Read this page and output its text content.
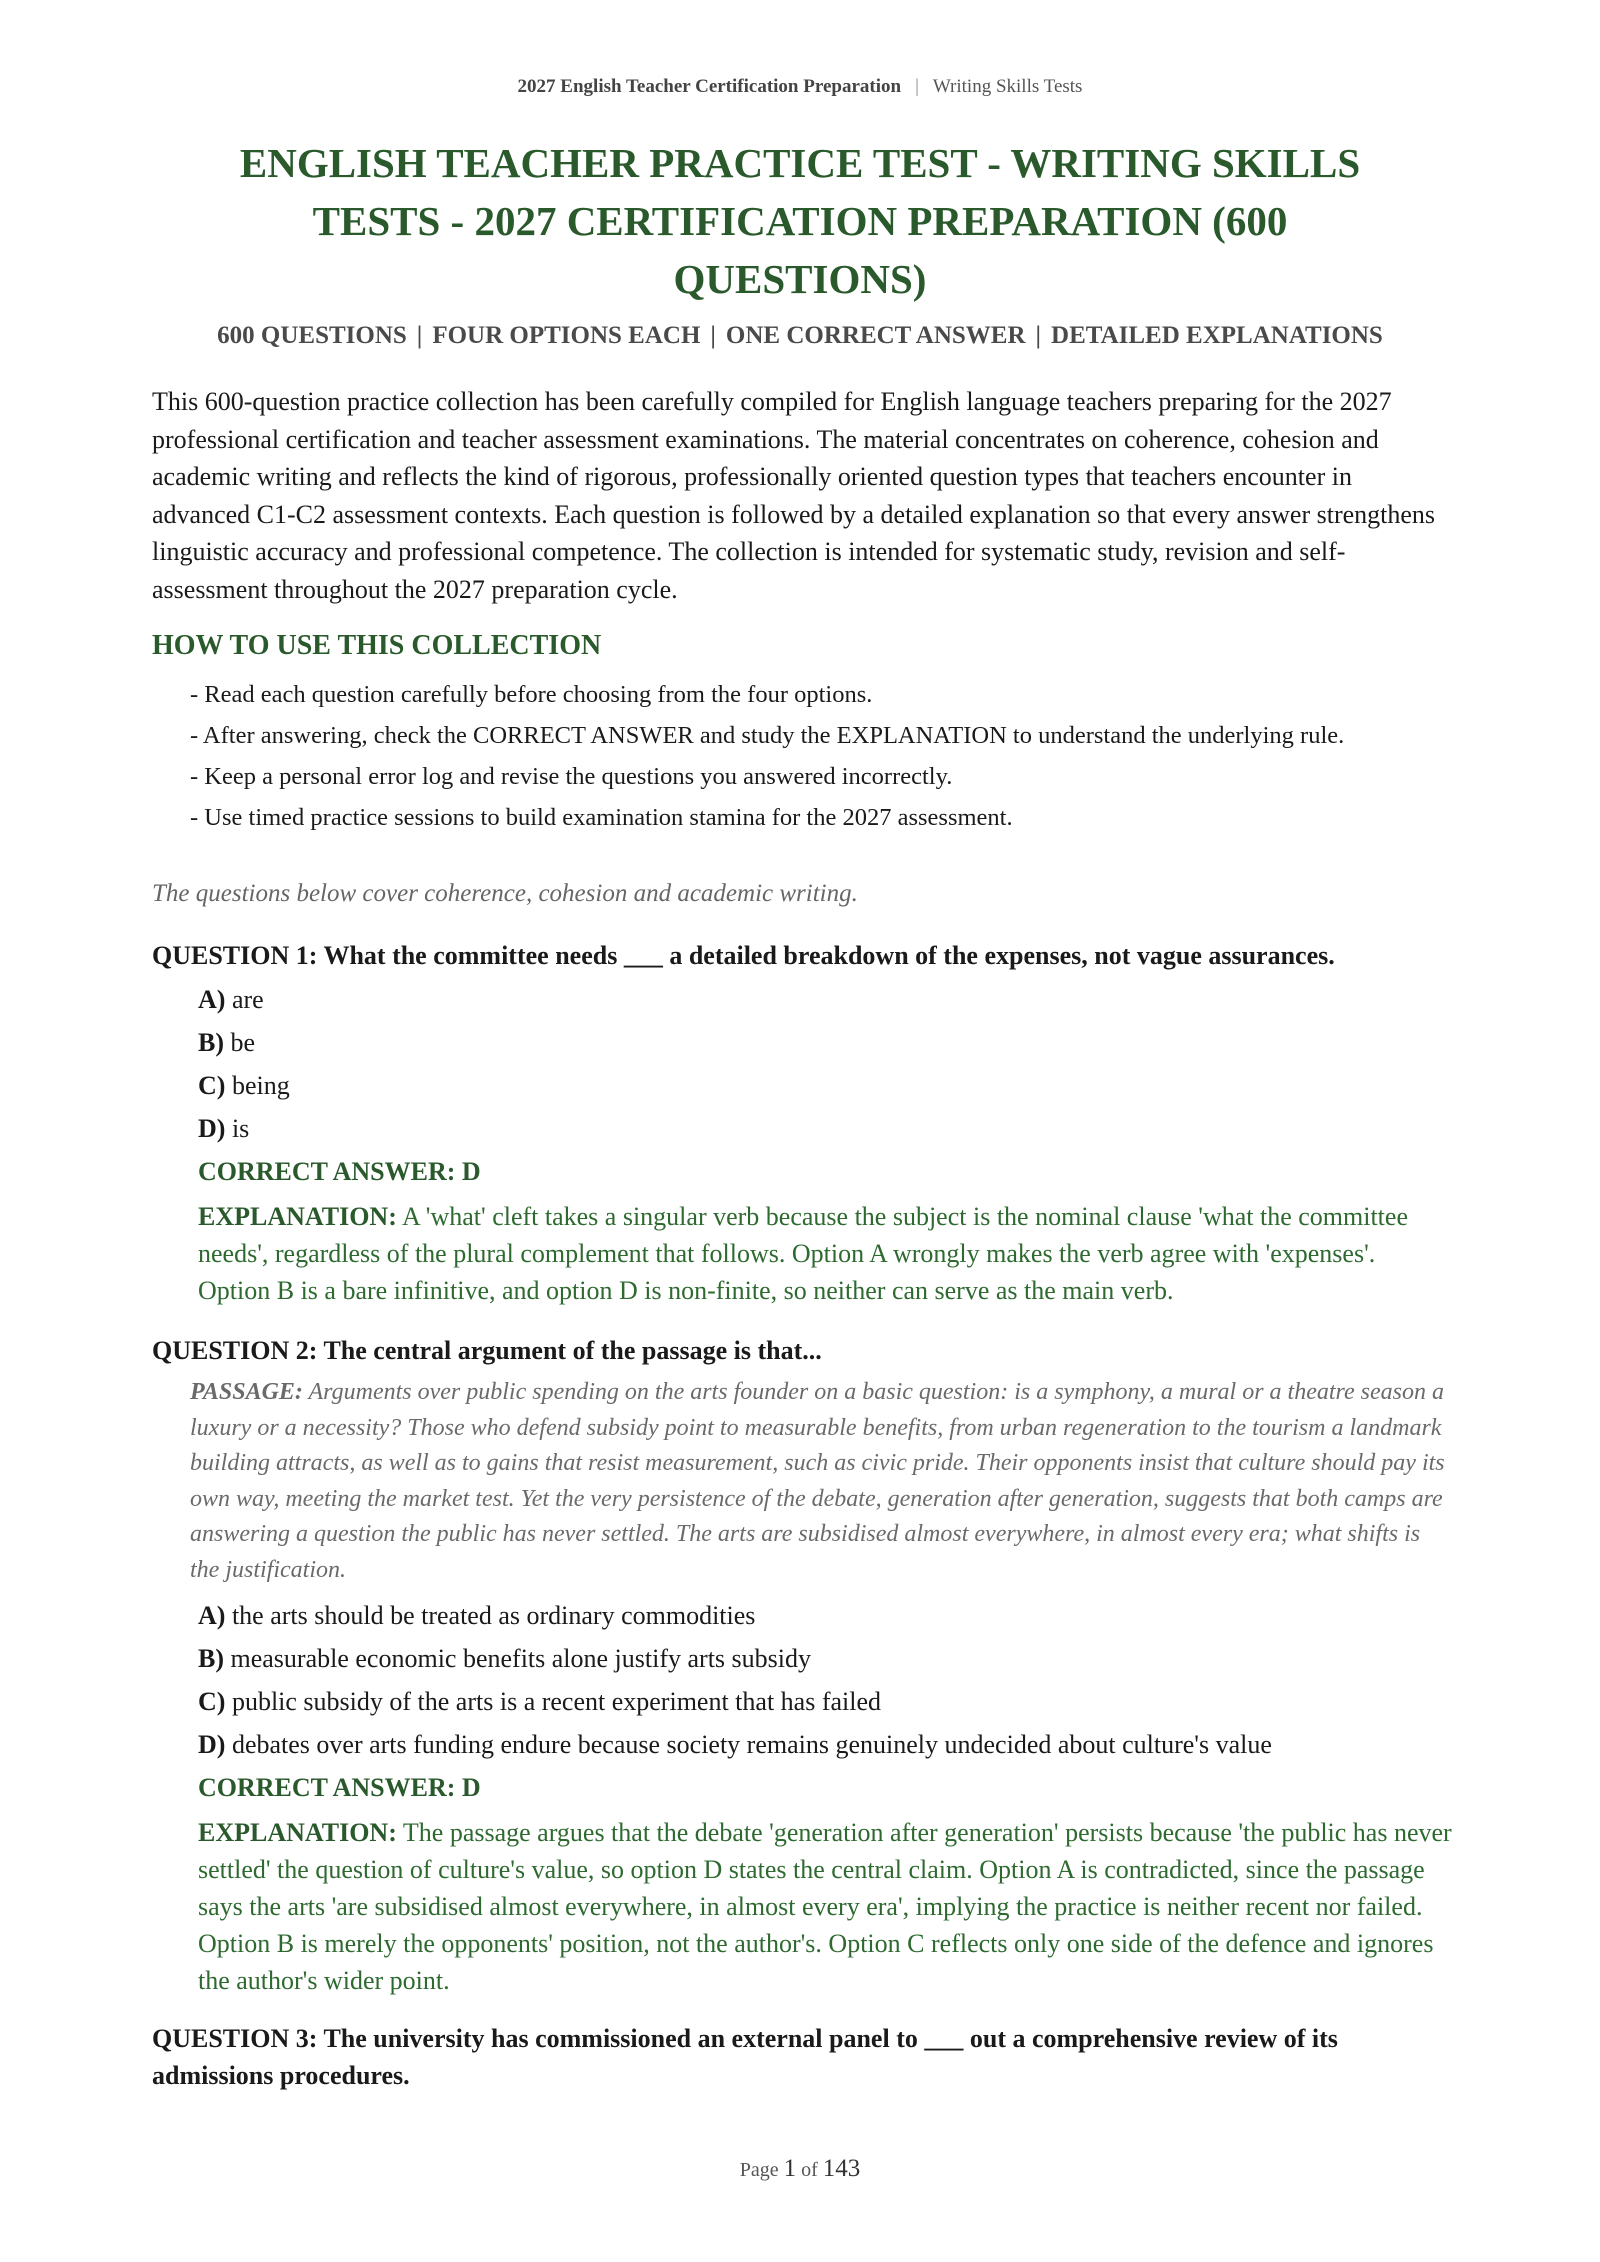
2027 English Teacher Certification Preparation | Writing Skills Tests
ENGLISH TEACHER PRACTICE TEST - WRITING SKILLS TESTS - 2027 CERTIFICATION PREPARATION (600 QUESTIONS)
600 QUESTIONS | FOUR OPTIONS EACH | ONE CORRECT ANSWER | DETAILED EXPLANATIONS

This 600-question practice collection has been carefully compiled for English language teachers preparing for the 2027 professional certification and teacher assessment examinations. The material concentrates on coherence, cohesion and academic writing and reflects the kind of rigorous, professionally oriented question types that teachers encounter in advanced C1-C2 assessment contexts. Each question is followed by a detailed explanation so that every answer strengthens linguistic accuracy and professional competence. The collection is intended for systematic study, revision and self-assessment throughout the 2027 preparation cycle.

HOW TO USE THIS COLLECTION
- Read each question carefully before choosing from the four options.
- After answering, check the CORRECT ANSWER and study the EXPLANATION to understand the underlying rule.
- Keep a personal error log and revise the questions you answered incorrectly.
- Use timed practice sessions to build examination stamina for the 2027 assessment.

The questions below cover coherence, cohesion and academic writing.

QUESTION 1: What the committee needs ___ a detailed breakdown of the expenses, not vague assurances.

A) are
B) be
C) being
D) is

CORRECT ANSWER: D

EXPLANATION: A 'what' cleft takes a singular verb because the subject is the nominal clause 'what the committee needs', regardless of the plural complement that follows. Option A wrongly makes the verb agree with 'expenses'. Option B is a bare infinitive, and option D is non-finite, so neither can serve as the main verb.

QUESTION 2: The central argument of the passage is that...

PASSAGE: Arguments over public spending on the arts founder on a basic question: is a symphony, a mural or a theatre season a luxury or a necessity? Those who defend subsidy point to measurable benefits, from urban regeneration to the tourism a landmark building attracts, as well as to gains that resist measurement, such as civic pride. Their opponents insist that culture should pay its own way, meeting the market test. Yet the very persistence of the debate, generation after generation, suggests that both camps are answering a question the public has never settled. The arts are subsidised almost everywhere, in almost every era; what shifts is the justification.

A) the arts should be treated as ordinary commodities
B) measurable economic benefits alone justify arts subsidy
C) public subsidy of the arts is a recent experiment that has failed
D) debates over arts funding endure because society remains genuinely undecided about culture's value

CORRECT ANSWER: D

EXPLANATION: The passage argues that the debate 'generation after generation' persists because 'the public has never settled' the question of culture's value, so option D states the central claim. Option A is contradicted, since the passage says the arts 'are subsidised almost everywhere, in almost every era', implying the practice is neither recent nor failed. Option B is merely the opponents' position, not the author's. Option C reflects only one side of the defence and ignores the author's wider point.

QUESTION 3: The university has commissioned an external panel to ___ out a comprehensive review of its admissions procedures.

Page 1 of 143
